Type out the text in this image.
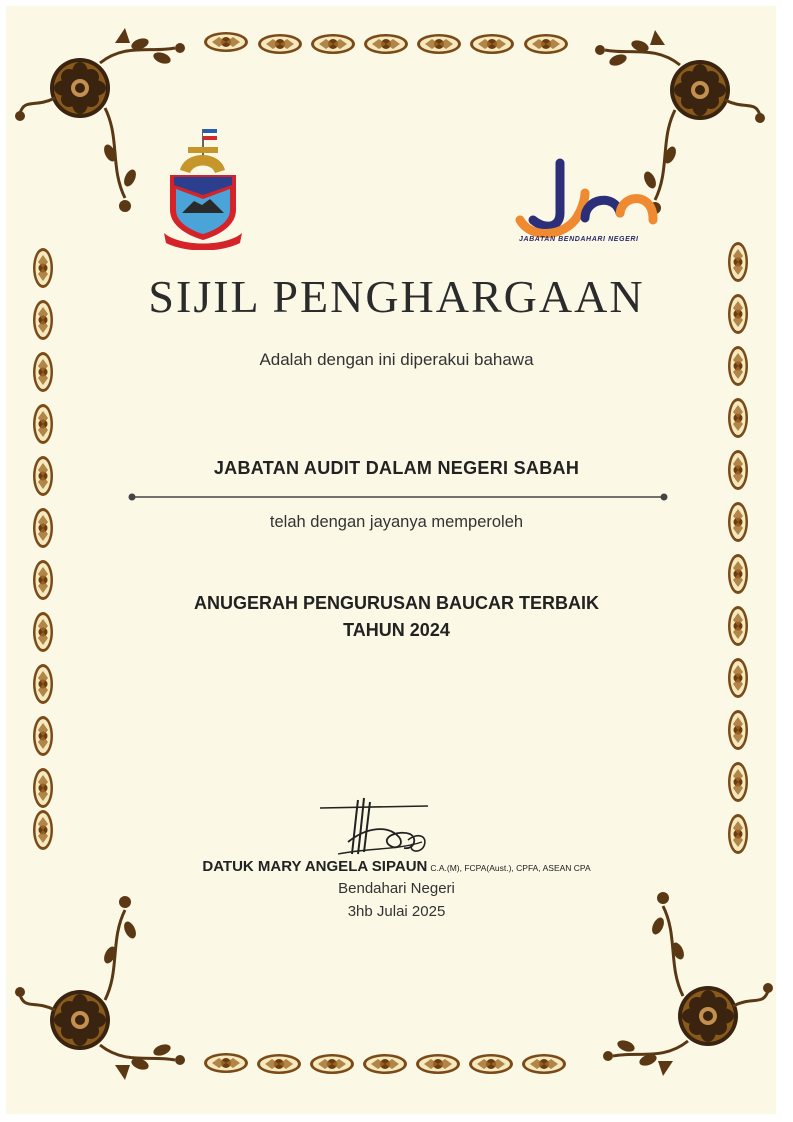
JABATAN BENDAHARI NEGERI
SIJIL PENGHARGAAN
Adalah dengan ini diperakui bahawa
JABATAN AUDIT DALAM NEGERI SABAH
telah dengan jayanya memperoleh
ANUGERAH PENGURUSAN BAUCAR TERBAIK
TAHUN 2024
DATUK MARY ANGELA SIPAUN C.A.(M), FCPA(Aust.), CPFA, ASEAN CPA
Bendahari Negeri
3hb Julai 2025
